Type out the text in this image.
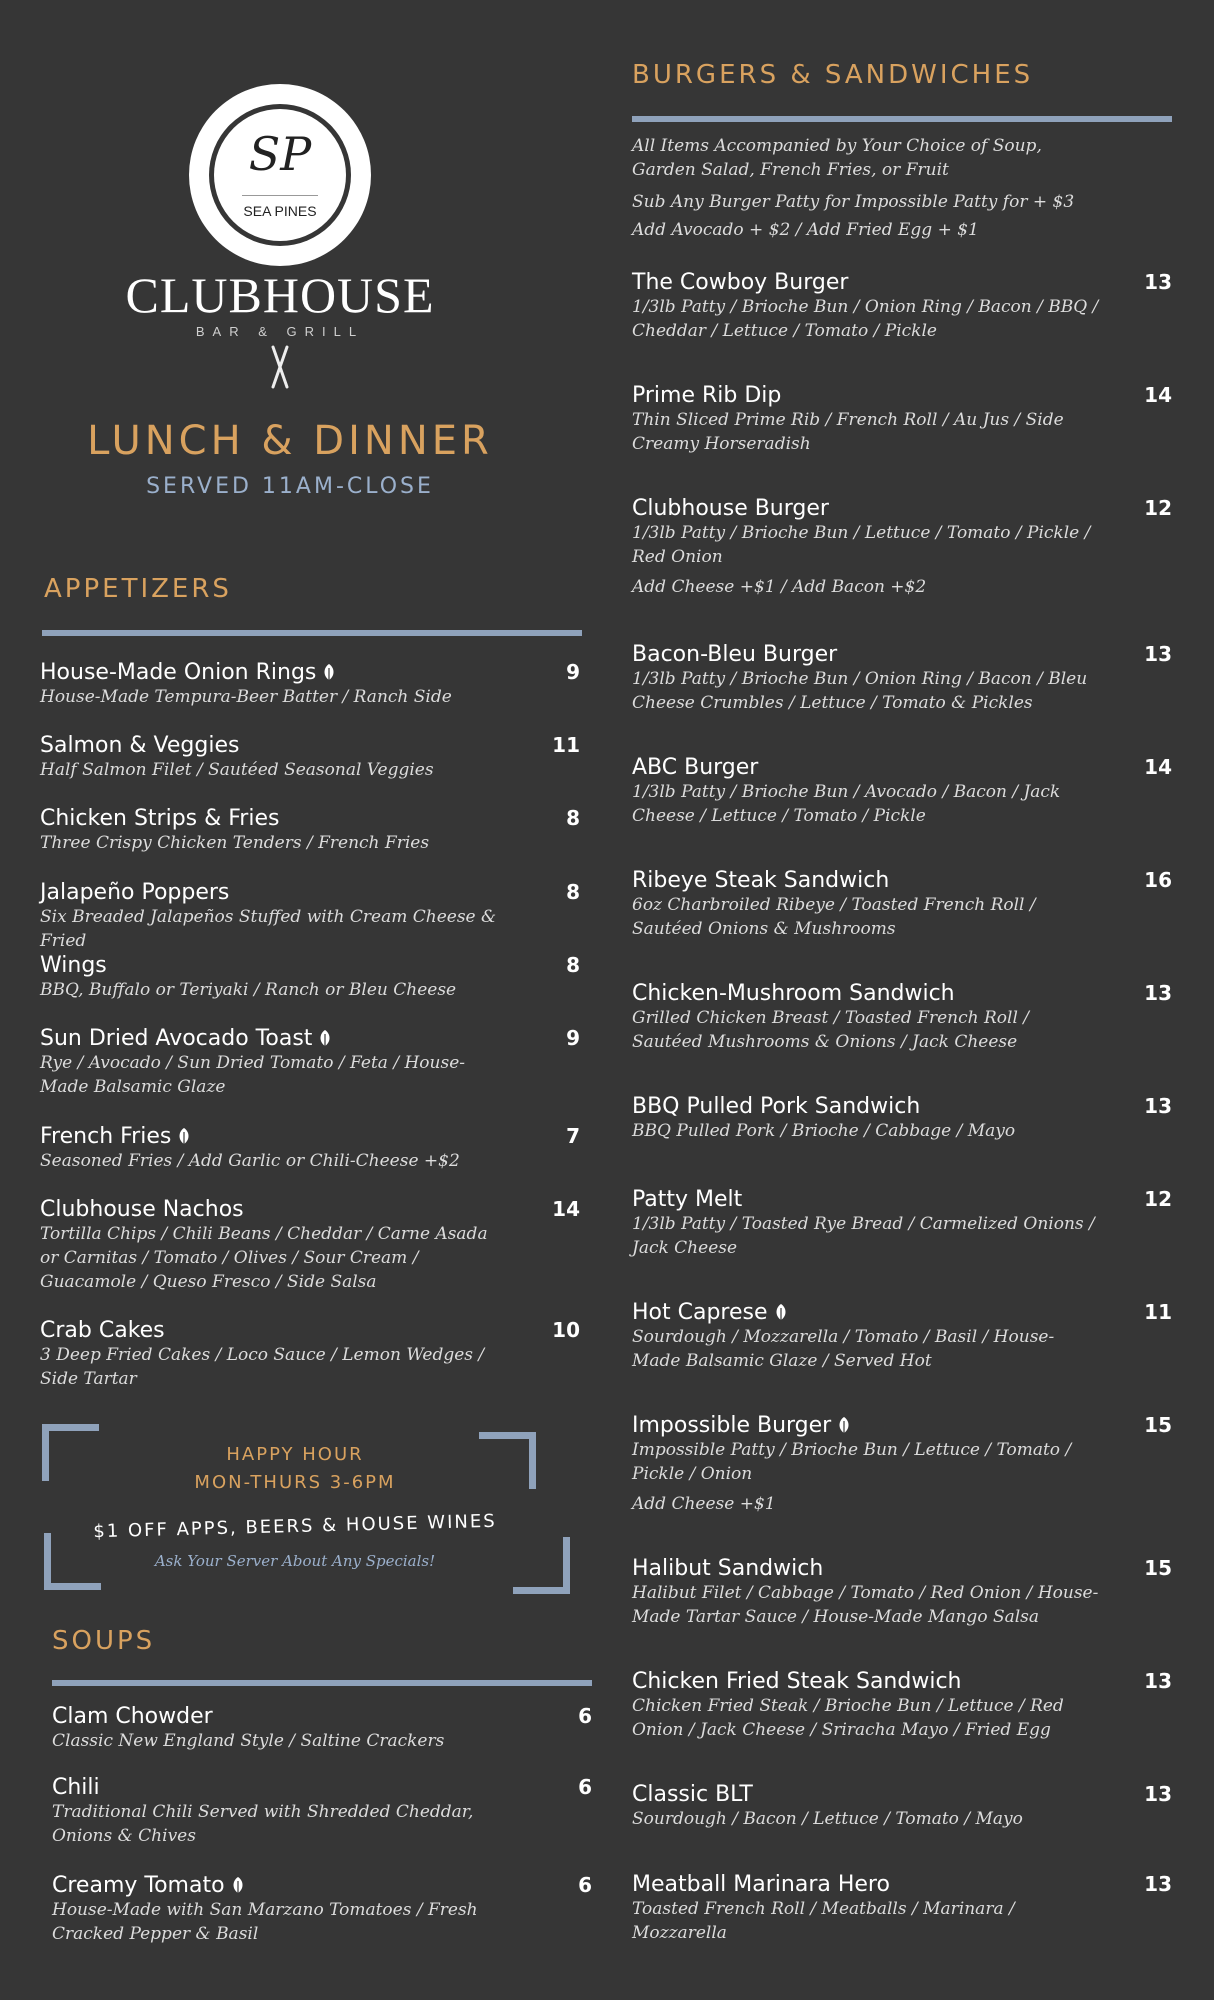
SP
SEA PINES
CLUBHOUSE
BAR & GRILL
LUNCH & DINNER
SERVED 11AM-CLOSE
APPETIZERS
House-Made Onion Rings	9
House-Made Tempura-Beer Batter / Ranch Side
Salmon & Veggies	11
Half Salmon Filet / Sautéed Seasonal Veggies
Chicken Strips & Fries	8
Three Crispy Chicken Tenders / French Fries
Jalapeño Poppers	8
Six Breaded Jalapeños Stuffed with Cream Cheese & Fried
Wings	8
BBQ, Buffalo or Teriyaki / Ranch or Bleu Cheese
Sun Dried Avocado Toast	9
Rye / Avocado / Sun Dried Tomato / Feta / House-Made Balsamic Glaze
French Fries	7
Seasoned Fries / Add Garlic or Chili-Cheese +$2
Clubhouse Nachos	14
Tortilla Chips / Chili Beans / Cheddar / Carne Asada or Carnitas / Tomato / Olives / Sour Cream / Guacamole / Queso Fresco / Side Salsa
Crab Cakes	10
3 Deep Fried Cakes / Loco Sauce / Lemon Wedges / Side Tartar
HAPPY HOUR
MON-THURS 3-6PM
$1 OFF APPS, BEERS & HOUSE WINES
Ask Your Server About Any Specials!
SOUPS
Clam Chowder	6
Classic New England Style / Saltine Crackers
Chili	6
Traditional Chili Served with Shredded Cheddar, Onions & Chives
Creamy Tomato	6
House-Made with San Marzano Tomatoes / Fresh Cracked Pepper & Basil
BURGERS & SANDWICHES
All Items Accompanied by Your Choice of Soup, Garden Salad, French Fries, or Fruit
Sub Any Burger Patty for Impossible Patty for + $3
Add Avocado + $2 / Add Fried Egg + $1
The Cowboy Burger	13
1/3lb Patty / Brioche Bun / Onion Ring / Bacon / BBQ / Cheddar / Lettuce / Tomato / Pickle
Prime Rib Dip	14
Thin Sliced Prime Rib / French Roll / Au Jus / Side Creamy Horseradish
Clubhouse Burger	12
1/3lb Patty / Brioche Bun / Lettuce / Tomato / Pickle / Red Onion
Add Cheese +$1 / Add Bacon +$2
Bacon-Bleu Burger	13
1/3lb Patty / Brioche Bun / Onion Ring / Bacon / Bleu Cheese Crumbles / Lettuce / Tomato & Pickles
ABC Burger	14
1/3lb Patty / Brioche Bun / Avocado / Bacon / Jack Cheese / Lettuce / Tomato / Pickle
Ribeye Steak Sandwich	16
6oz Charbroiled Ribeye / Toasted French Roll / Sautéed Onions & Mushrooms
Chicken-Mushroom Sandwich	13
Grilled Chicken Breast / Toasted French Roll / Sautéed Mushrooms & Onions / Jack Cheese
BBQ Pulled Pork Sandwich	13
BBQ Pulled Pork / Brioche / Cabbage / Mayo
Patty Melt	12
1/3lb Patty / Toasted Rye Bread / Carmelized Onions / Jack Cheese
Hot Caprese	11
Sourdough / Mozzarella / Tomato / Basil / House-Made Balsamic Glaze / Served Hot
Impossible Burger	15
Impossible Patty / Brioche Bun / Lettuce / Tomato / Pickle / Onion
Add Cheese +$1
Halibut Sandwich	15
Halibut Filet / Cabbage / Tomato / Red Onion / House-Made Tartar Sauce / House-Made Mango Salsa
Chicken Fried Steak Sandwich	13
Chicken Fried Steak / Brioche Bun / Lettuce / Red Onion / Jack Cheese / Sriracha Mayo / Fried Egg
Classic BLT	13
Sourdough / Bacon / Lettuce / Tomato / Mayo
Meatball Marinara Hero	13
Toasted French Roll / Meatballs / Marinara / Mozzarella
